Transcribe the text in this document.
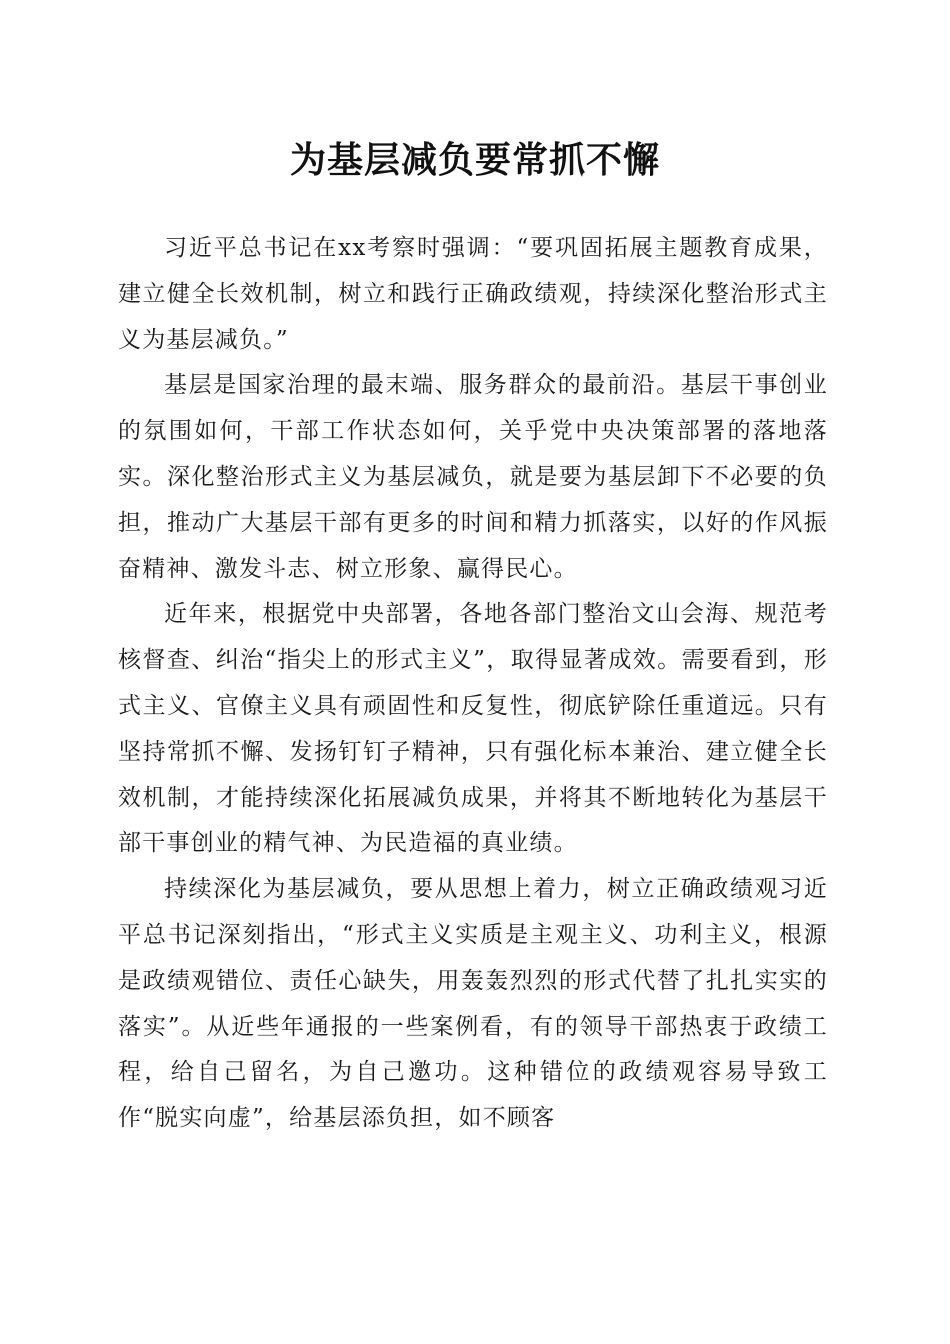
为基层减负要常抓不懈

习近平总书记在xx考察时强调：“要巩固拓展主题教育成果，建立健全长效机制，树立和践行正确政绩观，持续深化整治形式主义为基层减负。”

基层是国家治理的最末端、服务群众的最前沿。基层干事创业的氛围如何，干部工作状态如何，关乎党中央决策部署的落地落实。深化整治形式主义为基层减负，就是要为基层卸下不必要的负担，推动广大基层干部有更多的时间和精力抓落实，以好的作风振奋精神、激发斗志、树立形象、赢得民心。

近年来，根据党中央部署，各地各部门整治文山会海、规范考核督查、纠治“指尖上的形式主义”，取得显著成效。需要看到，形式主义、官僚主义具有顽固性和反复性，彻底铲除任重道远。只有坚持常抓不懈、发扬钉钉子精神，只有强化标本兼治、建立健全长效机制，才能持续深化拓展减负成果，并将其不断地转化为基层干部干事创业的精气神、为民造福的真业绩。

持续深化为基层减负，要从思想上着力，树立正确政绩观习近平总书记深刻指出，“形式主义实质是主观主义、功利主义，根源是政绩观错位、责任心缺失，用轰轰烈烈的形式代替了扎扎实实的落实”。从近些年通报的一些案例看，有的领导干部热衷于政绩工程，给自己留名，为自己邀功。这种错位的政绩观容易导致工作“脱实向虚”，给基层添负担，如不顾客
